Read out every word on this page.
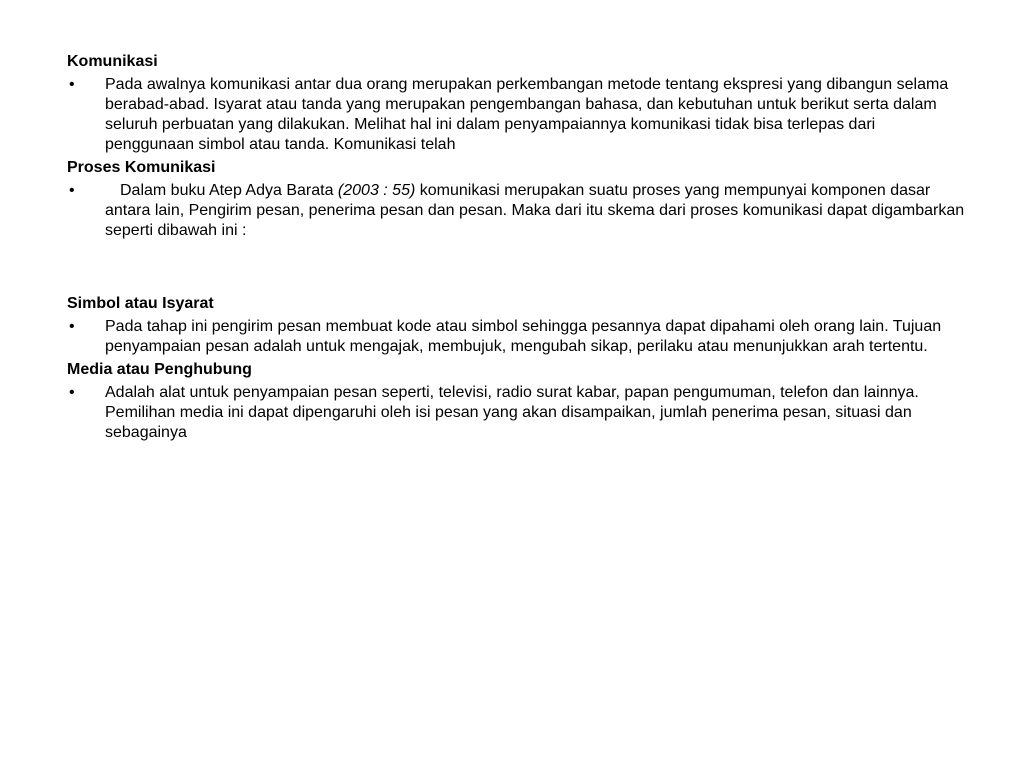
Komunikasi
• Pada awalnya komunikasi antar dua orang merupakan perkembangan metode tentang ekspresi yang dibangun selama berabad-abad. Isyarat atau tanda yang merupakan pengembangan bahasa, dan kebutuhan untuk berikut serta dalam seluruh perbuatan yang dilakukan. Melihat hal ini dalam penyampaiannya komunikasi tidak bisa terlepas dari penggunaan simbol atau tanda. Komunikasi telah
Proses Komunikasi
•	Dalam buku Atep Adya Barata (2003 : 55) komunikasi merupakan suatu proses yang mempunyai komponen dasar antara lain, Pengirim pesan, penerima pesan dan pesan. Maka dari itu skema dari proses komunikasi dapat digambarkan seperti dibawah ini :
Simbol atau Isyarat
• Pada tahap ini pengirim pesan membuat kode atau simbol sehingga pesannya dapat dipahami oleh orang lain. Tujuan penyampaian pesan adalah untuk mengajak, membujuk, mengubah sikap, perilaku atau menunjukkan arah tertentu.
Media atau Penghubung
• Adalah alat untuk penyampaian pesan seperti, televisi, radio surat kabar, papan pengumuman, telefon dan lainnya. Pemilihan media ini dapat dipengaruhi oleh isi pesan yang akan disampaikan, jumlah penerima pesan, situasi dan sebagainya
